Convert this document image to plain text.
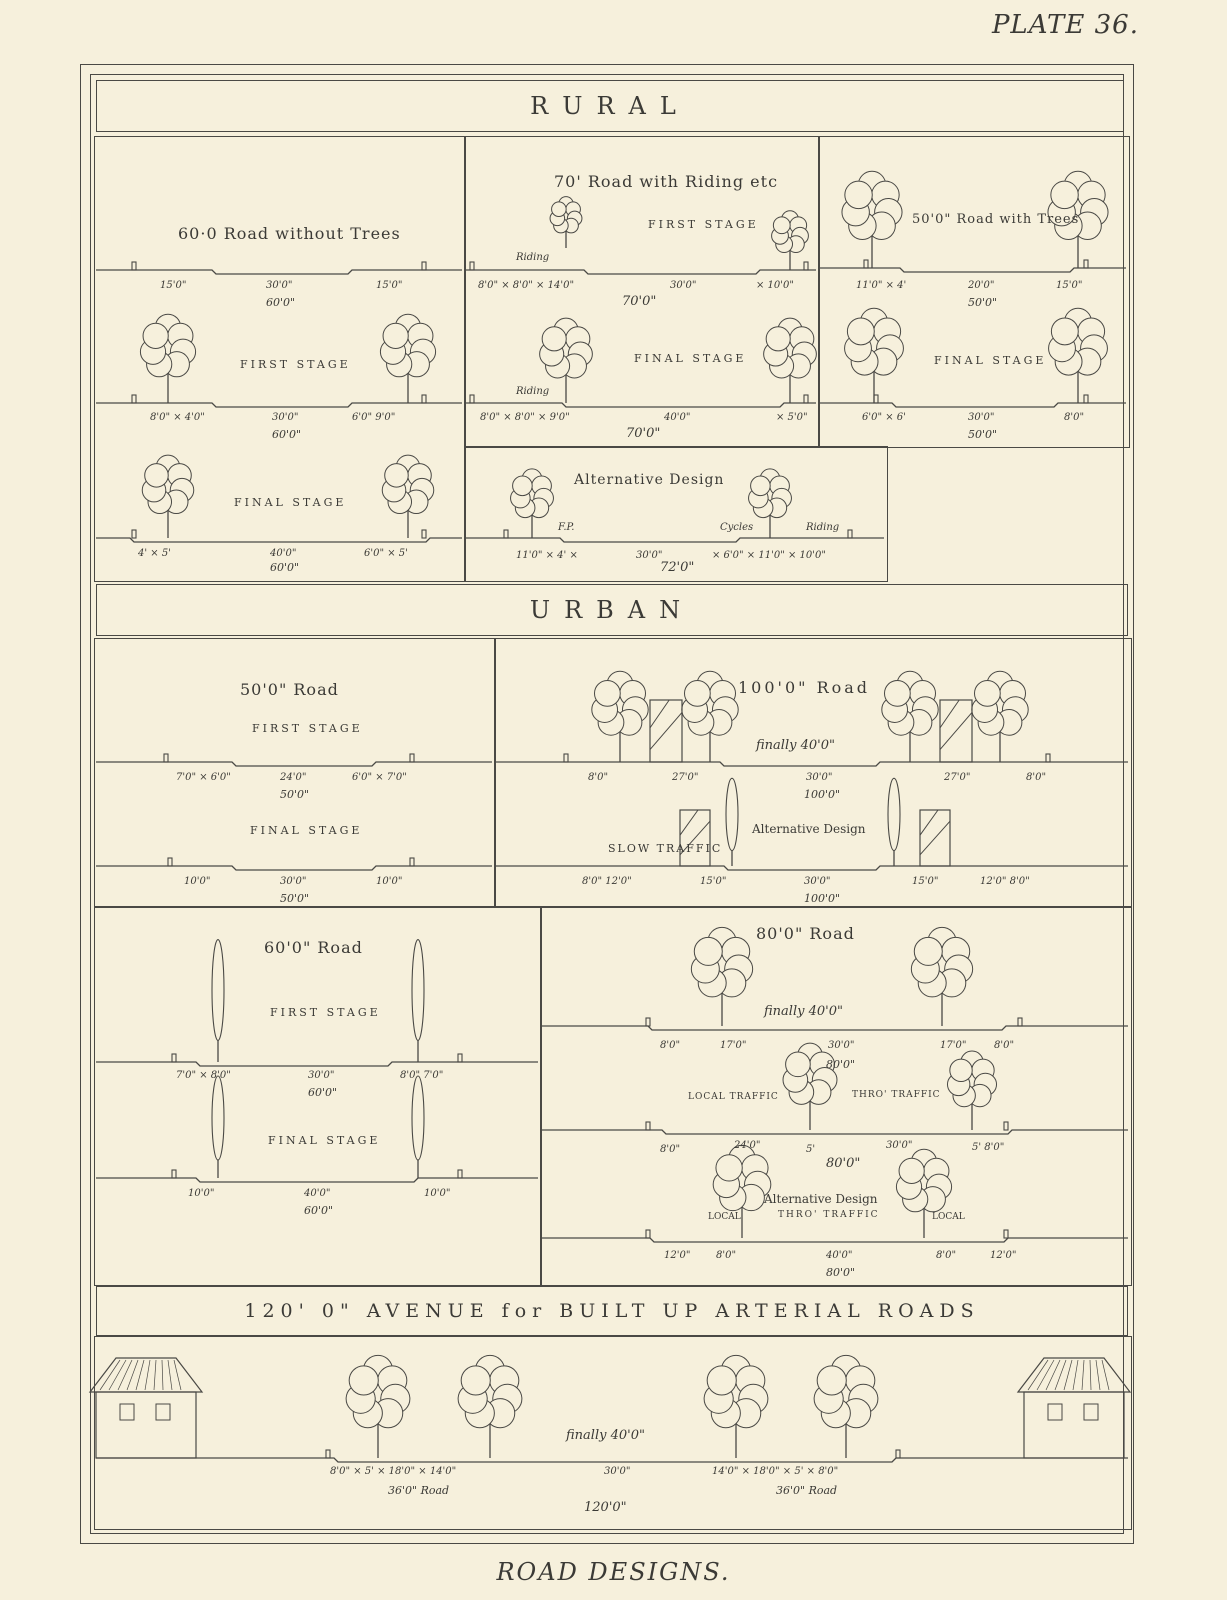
PLATE 36.
RURAL
URBAN
120' 0" AVENUE for BUILT UP ARTERIAL ROADS
60·0 Road without Trees
15'0"	30'0"	15'0"
60'0"
FIRST STAGE
8'0" × 4'0"	30'0"	6'0" 9'0"
60'0"
FINAL STAGE
4' × 5'	40'0"	6'0" × 5'
60'0"
70' Road with Riding etc
FIRST STAGE
Riding
8'0" × 8'0" × 14'0"	30'0"	× 10'0"
70'0"
FINAL STAGE
Riding
8'0" × 8'0" × 9'0"	40'0"	× 5'0"
70'0"
50'0" Road with Trees
11'0" × 4'	20'0"	15'0"
50'0"
FINAL STAGE
6'0" × 6'	30'0"	8'0"
50'0"
Alternative Design
F.P.	Cycles	Riding
11'0" × 4' ×	30'0"	× 6'0" × 11'0" × 10'0"
72'0"
50'0" Road
FIRST STAGE
7'0" × 6'0"	24'0"	6'0" × 7'0"
50'0"
FINAL STAGE
10'0"	30'0"	10'0"
50'0"
100'0" Road
finally 40'0"
8'0"	27'0"	30'0"	27'0"	8'0"
100'0"
Alternative Design
SLOW TRAFFIC
8'0" 12'0"	15'0"	30'0"	15'0"	12'0" 8'0"
100'0"
60'0" Road
FIRST STAGE
7'0" × 8'0"	30'0"	8'0" 7'0"
60'0"
FINAL STAGE
10'0"	40'0"	10'0"
60'0"
80'0" Road
finally 40'0"
8'0"	17'0"	30'0"	17'0"	8'0"
80'0"
LOCAL TRAFFIC	THRO' TRAFFIC
8'0"	24'0"	5'	30'0"	5' 8'0"
80'0"
Alternative Design
LOCAL	THRO' TRAFFIC	LOCAL
12'0"	8'0"	40'0"	8'0"	12'0"
80'0"
finally 40'0"
8'0" × 5' × 18'0" × 14'0"	30'0"	14'0" × 18'0" × 5' × 8'0"
36'0" Road	36'0" Road
120'0"
ROAD DESIGNS.
